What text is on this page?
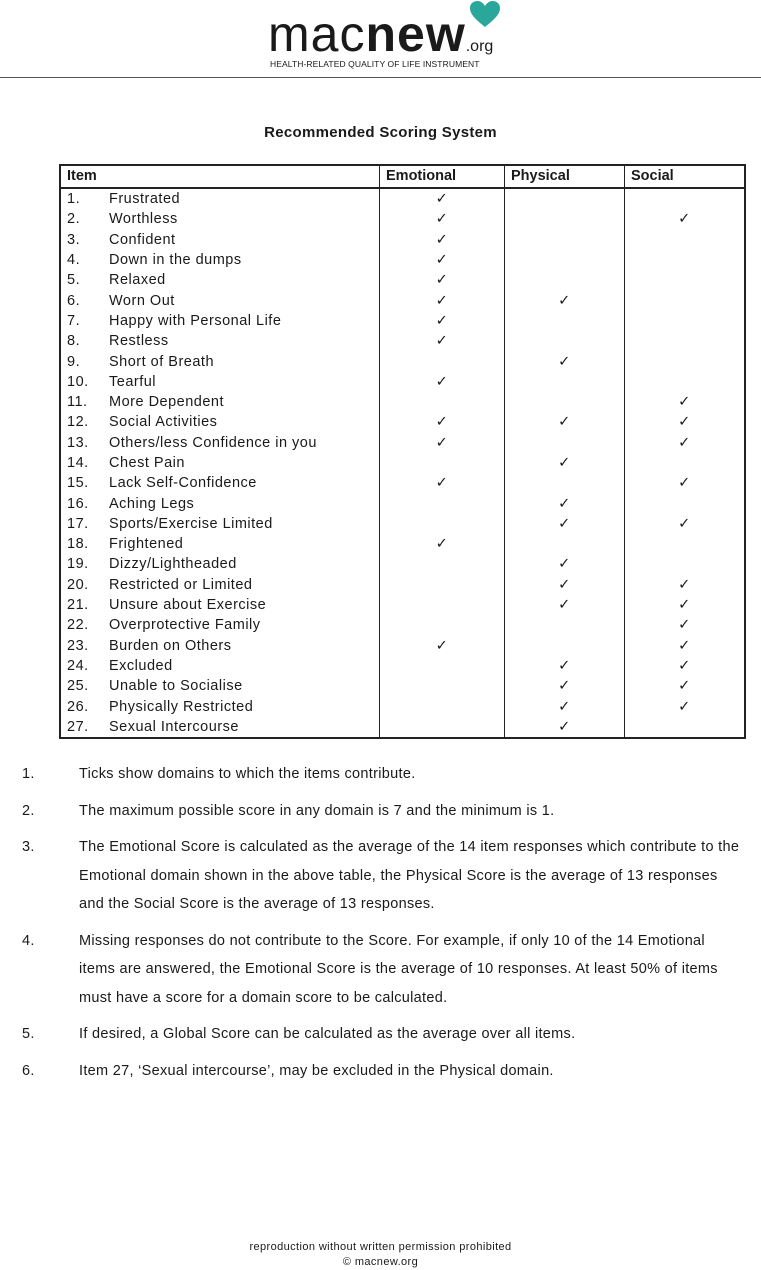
macnew.org
HEALTH-RELATED QUALITY OF LIFE INSTRUMENT
Recommended Scoring System
Item	Emotional	Physical	Social
1. Frustrated	✓		
2. Worthless	✓		✓
3. Confident	✓		
4. Down in the dumps	✓		
5. Relaxed	✓		
6. Worn Out	✓	✓	
7. Happy with Personal Life	✓		
8. Restless	✓		
9. Short of Breath		✓	
10. Tearful	✓		
11. More Dependent			✓
12. Social Activities	✓	✓	✓
13. Others/less Confidence in you	✓		✓
14. Chest Pain		✓	
15. Lack Self-Confidence	✓		✓
16. Aching Legs		✓	
17. Sports/Exercise Limited		✓	✓
18. Frightened	✓		
19. Dizzy/Lightheaded		✓	
20. Restricted or Limited		✓	✓
21. Unsure about Exercise		✓	✓
22. Overprotective Family			✓
23. Burden on Others	✓		✓
24. Excluded		✓	✓
25. Unable to Socialise		✓	✓
26. Physically Restricted		✓	✓
27. Sexual Intercourse		✓	
1.	Ticks show domains to which the items contribute.
2.	The maximum possible score in any domain is 7 and the minimum is 1.
3.	The Emotional Score is calculated as the average of the 14 item responses which contribute to the Emotional domain shown in the above table, the Physical Score is the average of 13 responses and the Social Score is the average of 13 responses.
4.	Missing responses do not contribute to the Score. For example, if only 10 of the 14 Emotional items are answered, the Emotional Score is the average of 10 responses. At least 50% of items must have a score for a domain score to be calculated.
5.	If desired, a Global Score can be calculated as the average over all items.
6.	Item 27, ‘Sexual intercourse’, may be excluded in the Physical domain.
reproduction without written permission prohibited
© macnew.org
